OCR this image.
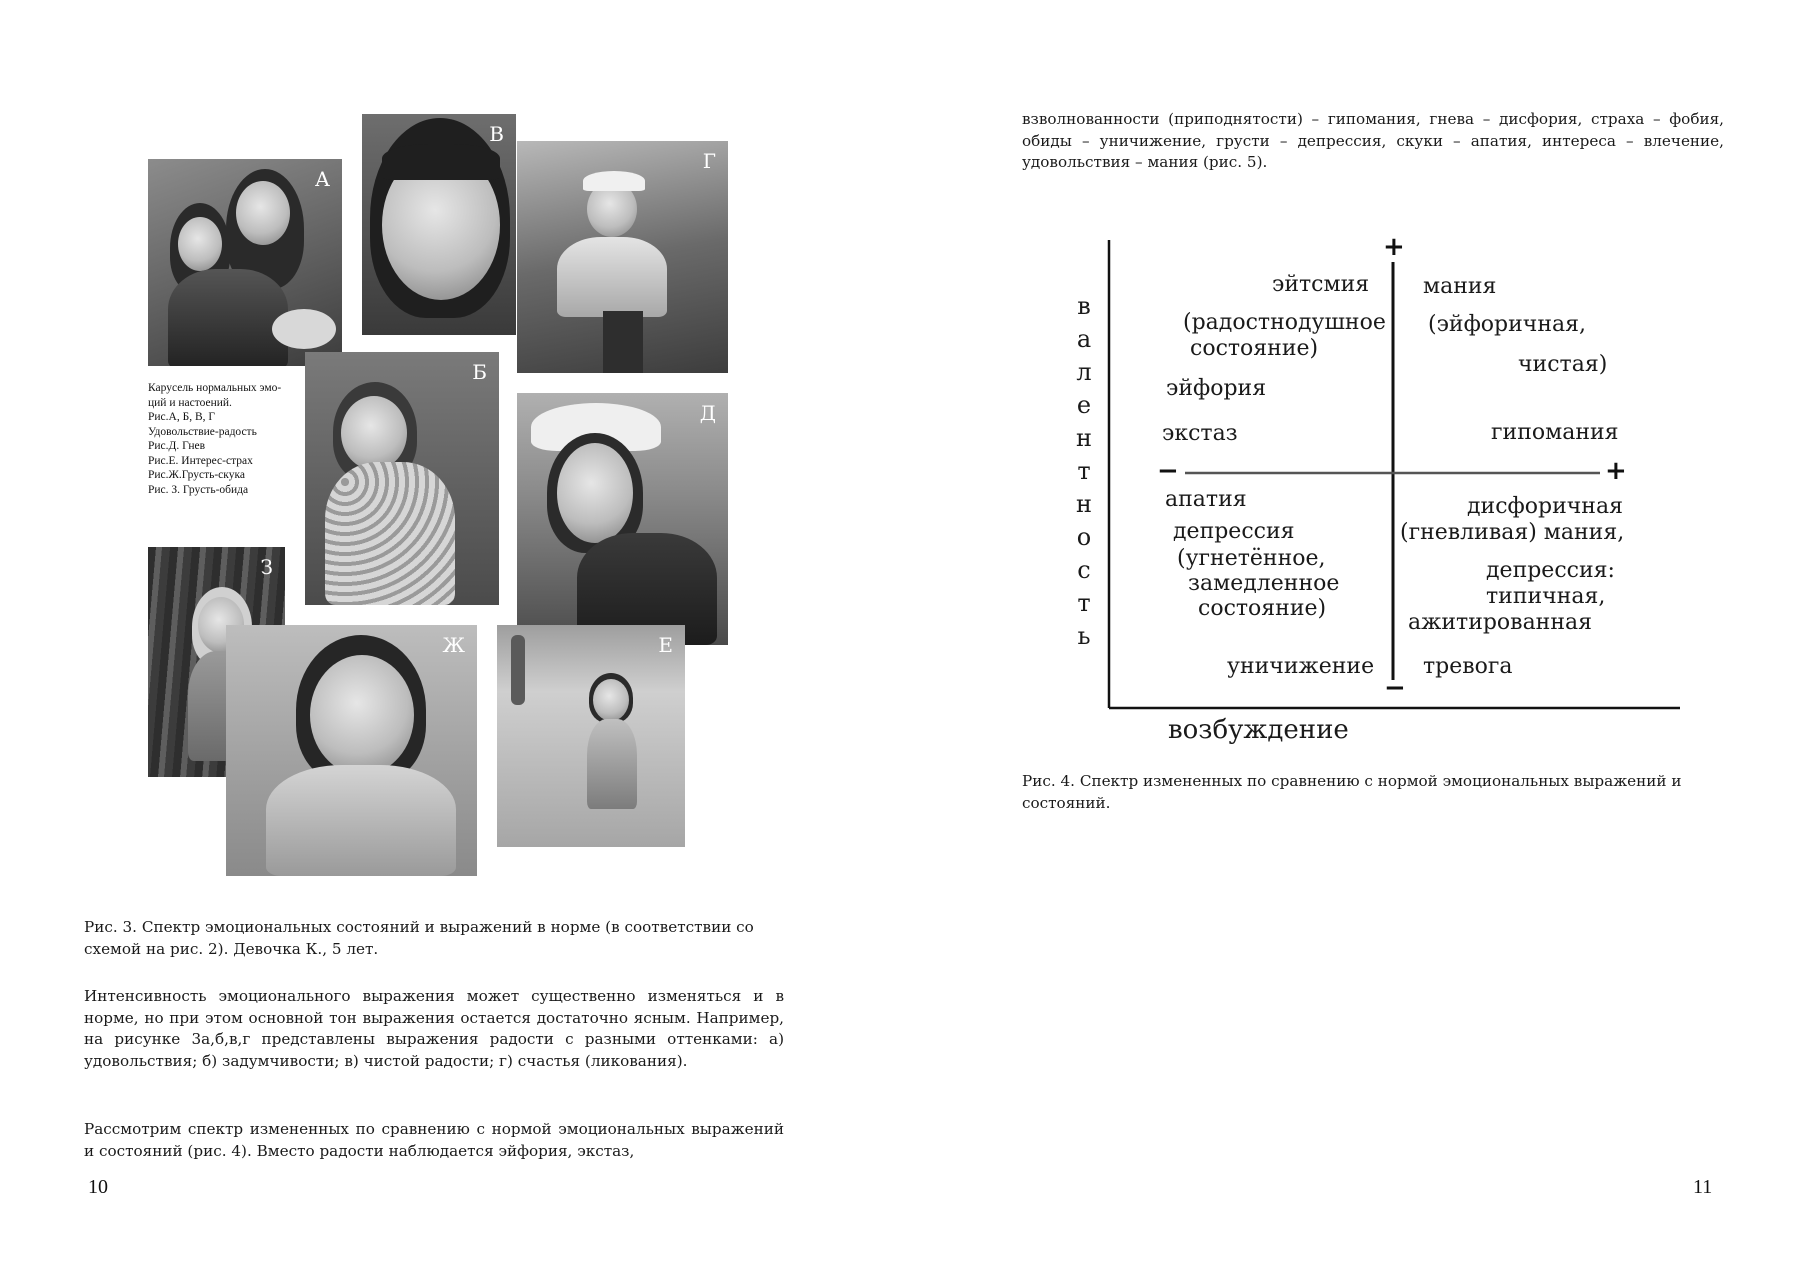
А
В
Г
Б
Д
З
Ж	Е
Карусель нормальных эмо-
ций и настоений.
Рис.А, Б, В, Г
Удовольствие-радость
Рис.Д. Гнев
Рис.Е. Интерес-страх
Рис.Ж.Грусть-скука
Рис. З. Грусть-обида
Рис. 3. Спектр эмоциональных состояний и выражений в норме (в соответствии со схемой на рис. 2). Девочка К., 5 лет.
Интенсивность эмоционального выражения может существенно изменяться и в норме, но при этом основной тон выражения остается достаточно ясным. Например, на рисунке 3а,б,в,г представлены выражения радости с разными оттенками: а) удовольствия; б) задумчивости; в) чистой радости; г) счастья (ликования).
Рассмотрим спектр измененных по сравнению с нормой эмоциональных выражений и состояний (рис. 4). Вместо радости наблюдается эйфория, экстаз,
10
взволнованности (приподнятости) – гипомания, гнева – дисфория, страха – фобия, обиды – уничижение, грусти – депрессия, скуки – апатия, интереса – влечение, удовольствия – мания (рис. 5).
+
−
−	+
в
а
л
е
н
т
н
о
с
т
ь
эйтсмия
(радостнодушное
состояние)
эйфория
экстаз
мания
(эйфоричная,
чистая)
гипомания
апатия
депрессия
(угнетённое,
замедленное
состояние)
уничижение
дисфоричная
(гневливая) мания,
депрессия:
типичная,
ажитированная
тревога
возбуждение
Рис. 4. Спектр измененных по сравнению с нормой эмоциональных выражений и состояний.
11
